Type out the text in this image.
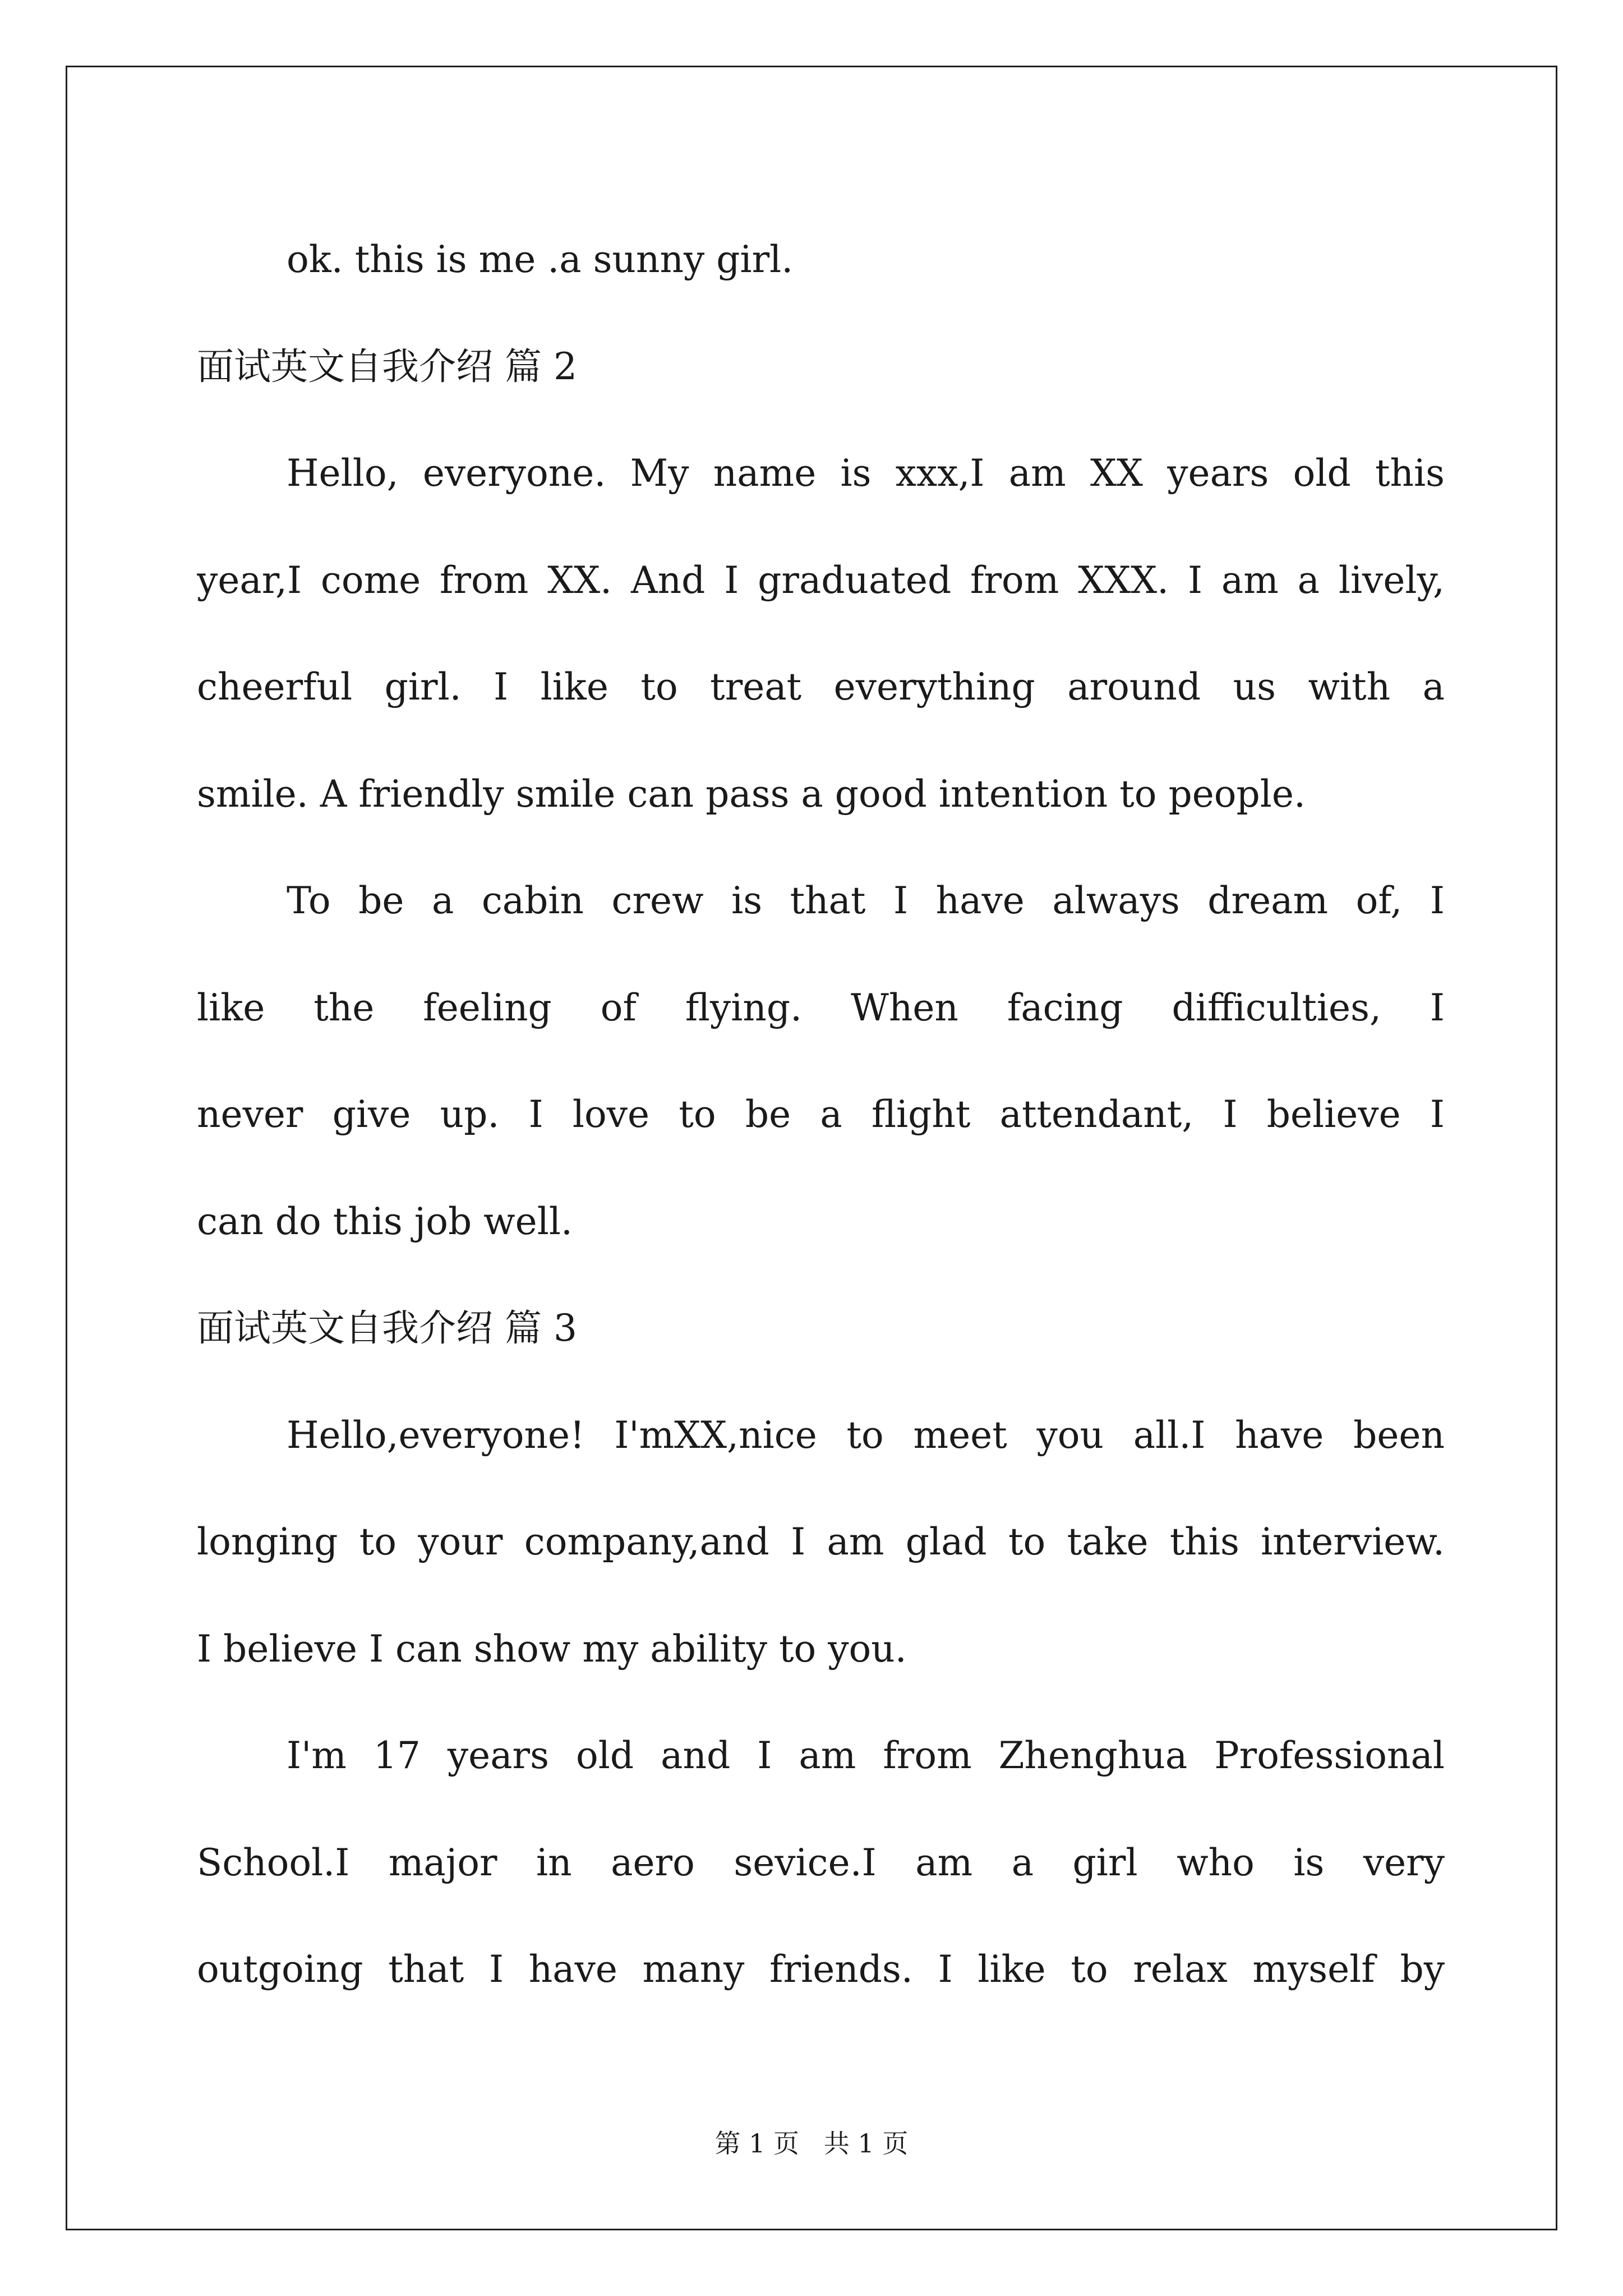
ok. this is me .a sunny girl.
面试英文自我介绍 篇 2
Hello, everyone. My name is xxx,I am XX years old this
year,I come from XX. And I graduated from XXX. I am a lively,
cheerful girl. I like to treat everything around us with a
smile. A friendly smile can pass a good intention to people.
To be a cabin crew is that I have always dream of, I
like the feeling of flying. When facing difficulties, I
never give up. I love to be a flight attendant, I believe I
can do this job well.
面试英文自我介绍 篇 3
Hello,everyone! I'mXX,nice to meet you all.I have been
longing to your company,and I am glad to take this interview.
I believe I can show my ability to you.
I'm 17 years old and I am from Zhenghua Professional
School.I major in aero sevice.I am a girl who is very
outgoing that I have many friends. I like to relax myself by
第 1 页   共 1 页
